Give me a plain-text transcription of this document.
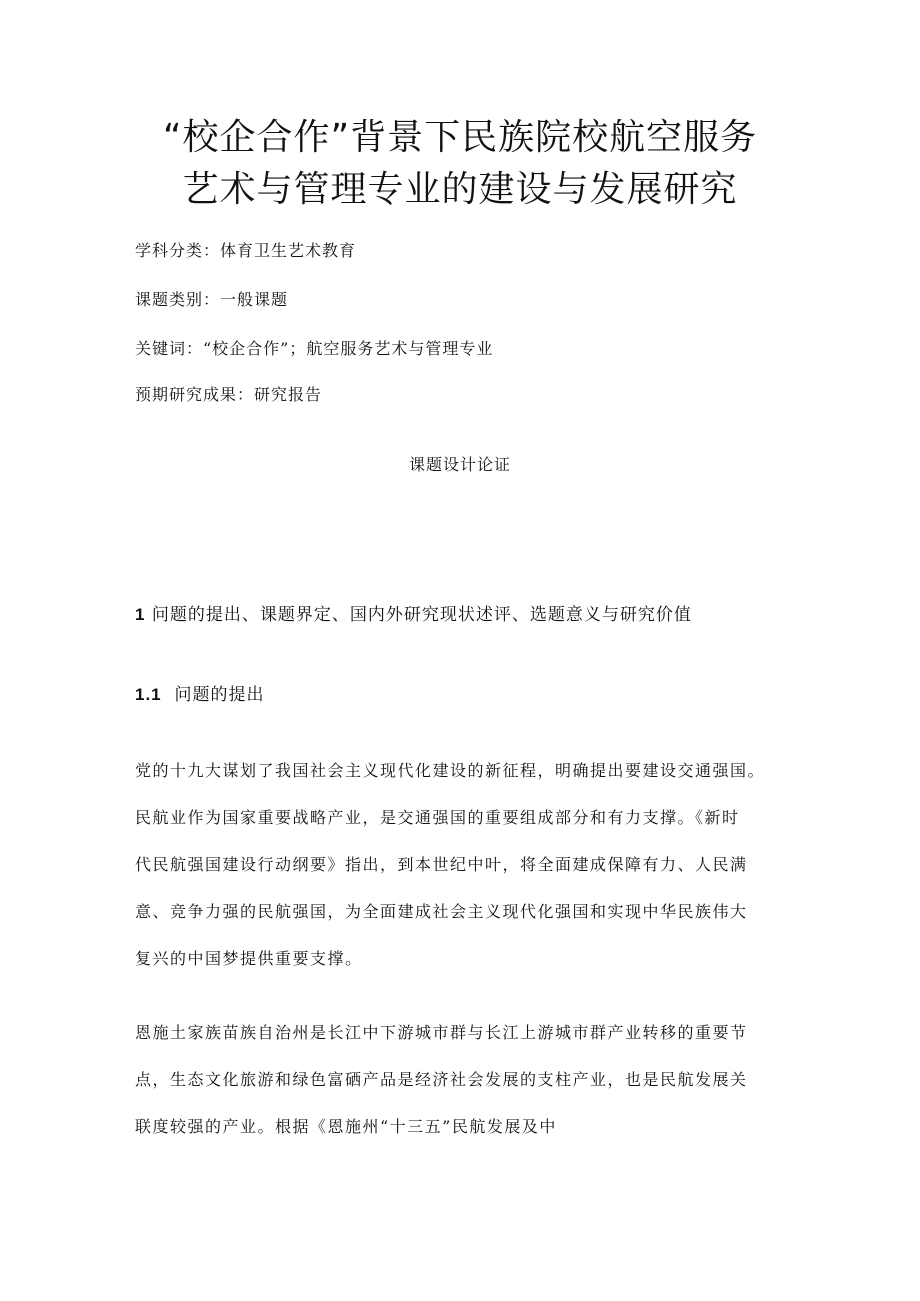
“校企合作”背景下民族院校航空服务
艺术与管理专业的建设与发展研究
学科分类：体育卫生艺术教育
课题类别：一般课题
关键词：“校企合作”；航空服务艺术与管理专业
预期研究成果：研究报告
课题设计论证
1 问题的提出、课题界定、国内外研究现状述评、选题意义与研究价值
1.1 问题的提出
党的十九大谋划了我国社会主义现代化建设的新征程，明确提出要建设交通强国。
民航业作为国家重要战略产业，是交通强国的重要组成部分和有力支撑。《新时
代民航强国建设行动纲要》指出，到本世纪中叶，将全面建成保障有力、人民满
意、竞争力强的民航强国，为全面建成社会主义现代化强国和实现中华民族伟大
复兴的中国梦提供重要支撑。
恩施土家族苗族自治州是长江中下游城市群与长江上游城市群产业转移的重要节
点，生态文化旅游和绿色富硒产品是经济社会发展的支柱产业，也是民航发展关
联度较强的产业。根据《恩施州“十三五”民航发展及中
